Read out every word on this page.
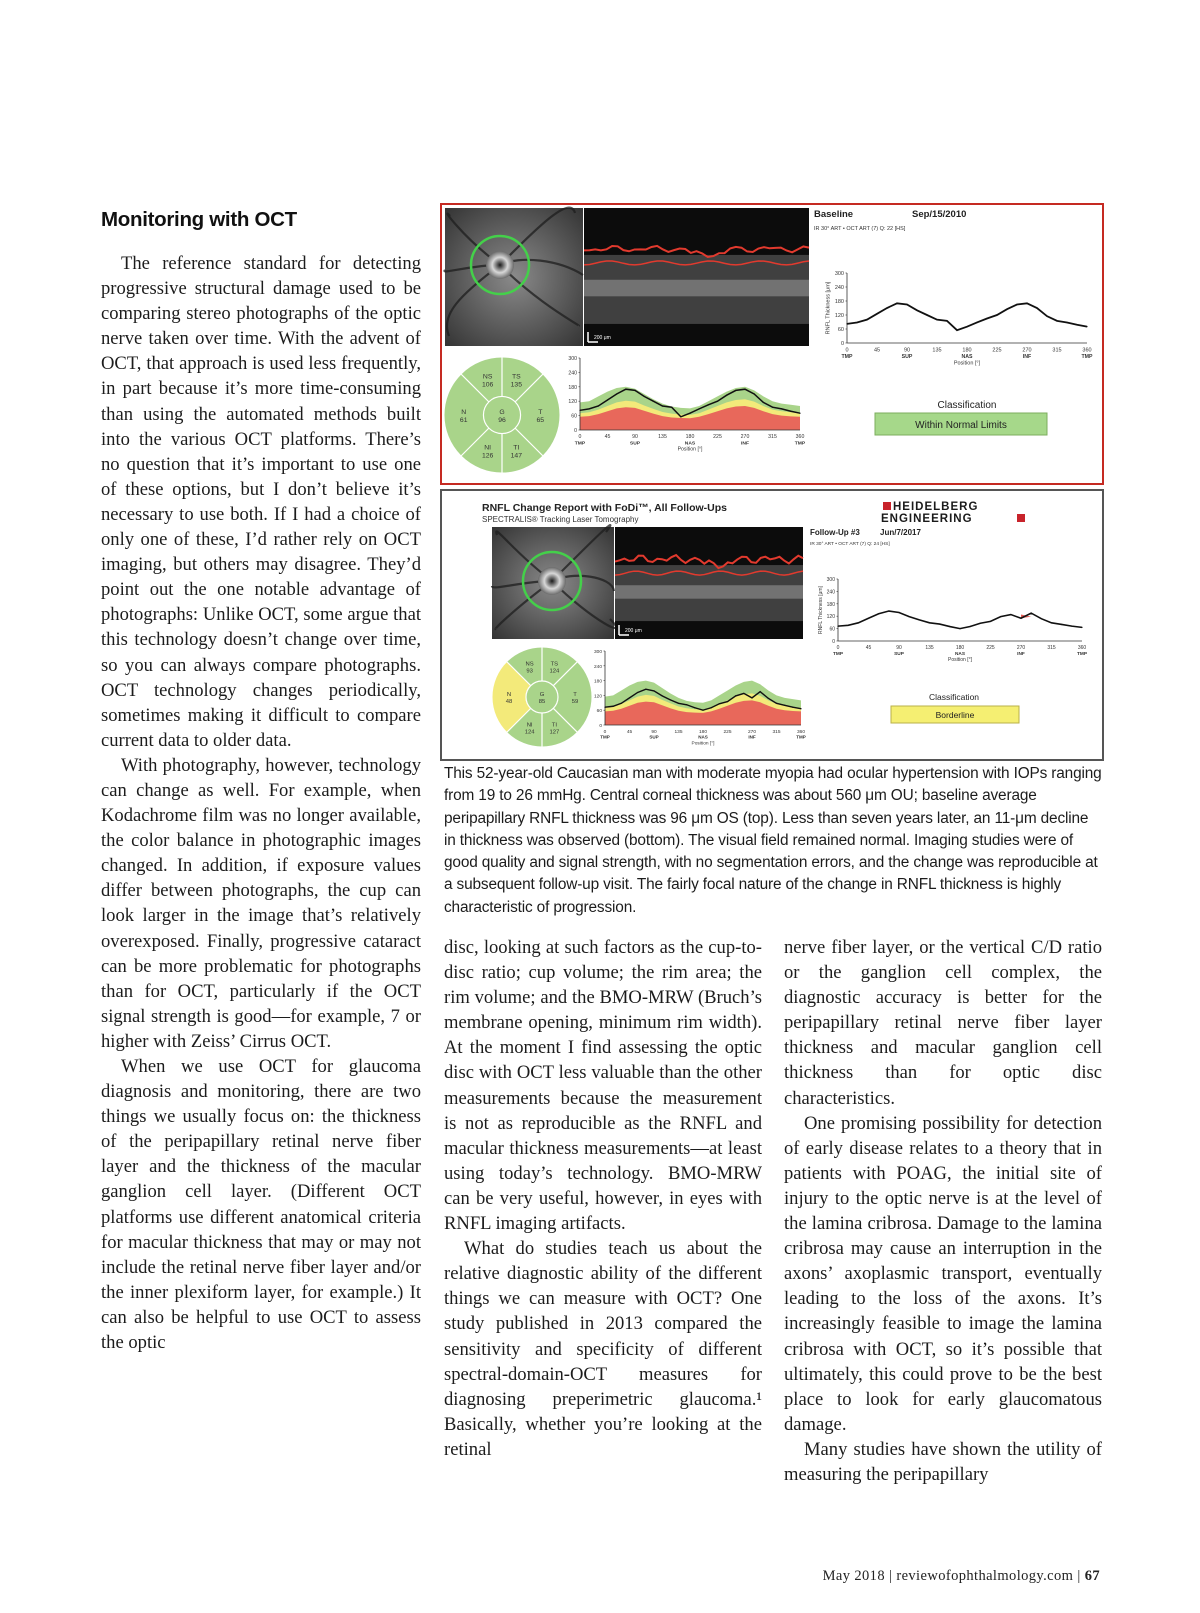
Monitoring with OCT

The reference standard for detecting progressive structural damage used to be comparing stereo photographs of the optic nerve taken over time. With the advent of OCT, that approach is used less frequently, in part because it’s more time-consuming than using the automated methods built into the various OCT platforms. There’s no question that it’s important to use one of these options, but I don’t believe it’s necessary to use both. If I had a choice of only one of these, I’d rather rely on OCT imaging, but others may disagree. They’d point out the one notable advantage of photographs: Unlike OCT, some argue that this technology doesn’t change over time, so you can always compare photographs. OCT technology changes periodically, sometimes making it difficult to compare current data to older data.

With photography, however, technology can change as well. For example, when Kodachrome film was no longer available, the color balance in photographic images changed. In addition, if exposure values differ between photographs, the cup can look larger in the image that’s relatively overexposed. Finally, progressive cataract can be more problematic for photographs than for OCT, particularly if the OCT signal strength is good—for example, 7 or higher with Zeiss’ Cirrus OCT.

When we use OCT for glaucoma diagnosis and monitoring, there are two things we usually focus on: the thickness of the peripapillary retinal nerve fiber layer and the thickness of the macular ganglion cell layer. (Different OCT platforms use different anatomical criteria for macular thickness that may or may not include the retinal nerve fiber layer and/or the inner plexiform layer, for example.) It can also be helpful to use OCT to assess the optic

200 μm
NS
106
TS
135
T
65
TI
147
NI
126
N
61
G
96
300
240
180
120
60
0
0	45	90	135	180	225	270	315	360
TMP	SUP	NAS	INF	TMP
Position [°]
Baseline	Sep/15/2010
IR 30° ART • OCT ART (7) Q: 22 [HS]
300
240
180
120
60
0
0	45	90	135	180	225	270	315	360
TMP	SUP	NAS	INF	TMP
Position [°]
RNFL Thickness [μm]
Classification
Within Normal Limits
RNFL Change Report with FoDi™, All Follow-Ups
SPECTRALIS® Tracking Laser Tomography
HEIDELBERG
ENGINEERING
200 μm
Follow-Up #3	Jun/7/2017
IR 30° ART • OCT ART (7) Q: 24 [HS]
NS
93
TS
124
T
59
TI
127
NI
124
N
48
G
85
300
240
180
120
60
0
0	45	90	135	180	225	270	315	360
TMP	SUP	NAS	INF	TMP
Position [°]
300
240
180
120
60
0
0	45	90	135	180	225	270	315	360
TMP	SUP	NAS	INF	TMP
Position [°]
RNFL Thickness [μm]
Classification
Borderline
This 52-year-old Caucasian man with moderate myopia had ocular hypertension with IOPs ranging from 19 to 26 mmHg. Central corneal thickness was about 560 μm OU; baseline average peripapillary RNFL thickness was 96 μm OS (top). Less than seven years later, an 11-μm decline in thickness was observed (bottom). The visual field remained normal. Imaging studies were of good quality and signal strength, with no segmentation errors, and the change was reproducible at a subsequent follow-up visit. The fairly focal nature of the change in RNFL thickness is highly characteristic of progression.

disc, looking at such factors as the cup-to-disc ratio; cup volume; the rim area; the rim volume; and the BMO-MRW (Bruch’s membrane opening, minimum rim width). At the moment I find assessing the optic disc with OCT less valuable than the other measurements because the measurement is not as reproducible as the RNFL and macular thickness measurements—at least using today’s technology. BMO-MRW can be very useful, however, in eyes with RNFL imaging artifacts.

What do studies teach us about the relative diagnostic ability of the different things we can measure with OCT? One study published in 2013 compared the sensitivity and specificity of different spectral-domain-OCT measures for diagnosing preperimetric glaucoma.¹ Basically, whether you’re looking at the retinal

nerve fiber layer, or the vertical C/D ratio or the ganglion cell complex, the diagnostic accuracy is better for the peripapillary retinal nerve fiber layer thickness and macular ganglion cell thickness than for optic disc characteristics.

One promising possibility for detection of early disease relates to a theory that in patients with POAG, the initial site of injury to the optic nerve is at the level of the lamina cribrosa. Damage to the lamina cribrosa may cause an interruption in the axons’ axoplasmic transport, eventually leading to the loss of the axons. It’s increasingly feasible to image the lamina cribrosa with OCT, so it’s possible that ultimately, this could prove to be the best place to look for early glaucomatous damage.

Many studies have shown the utility of measuring the peripapillary

May 2018 | reviewofophthalmology.com | 67
